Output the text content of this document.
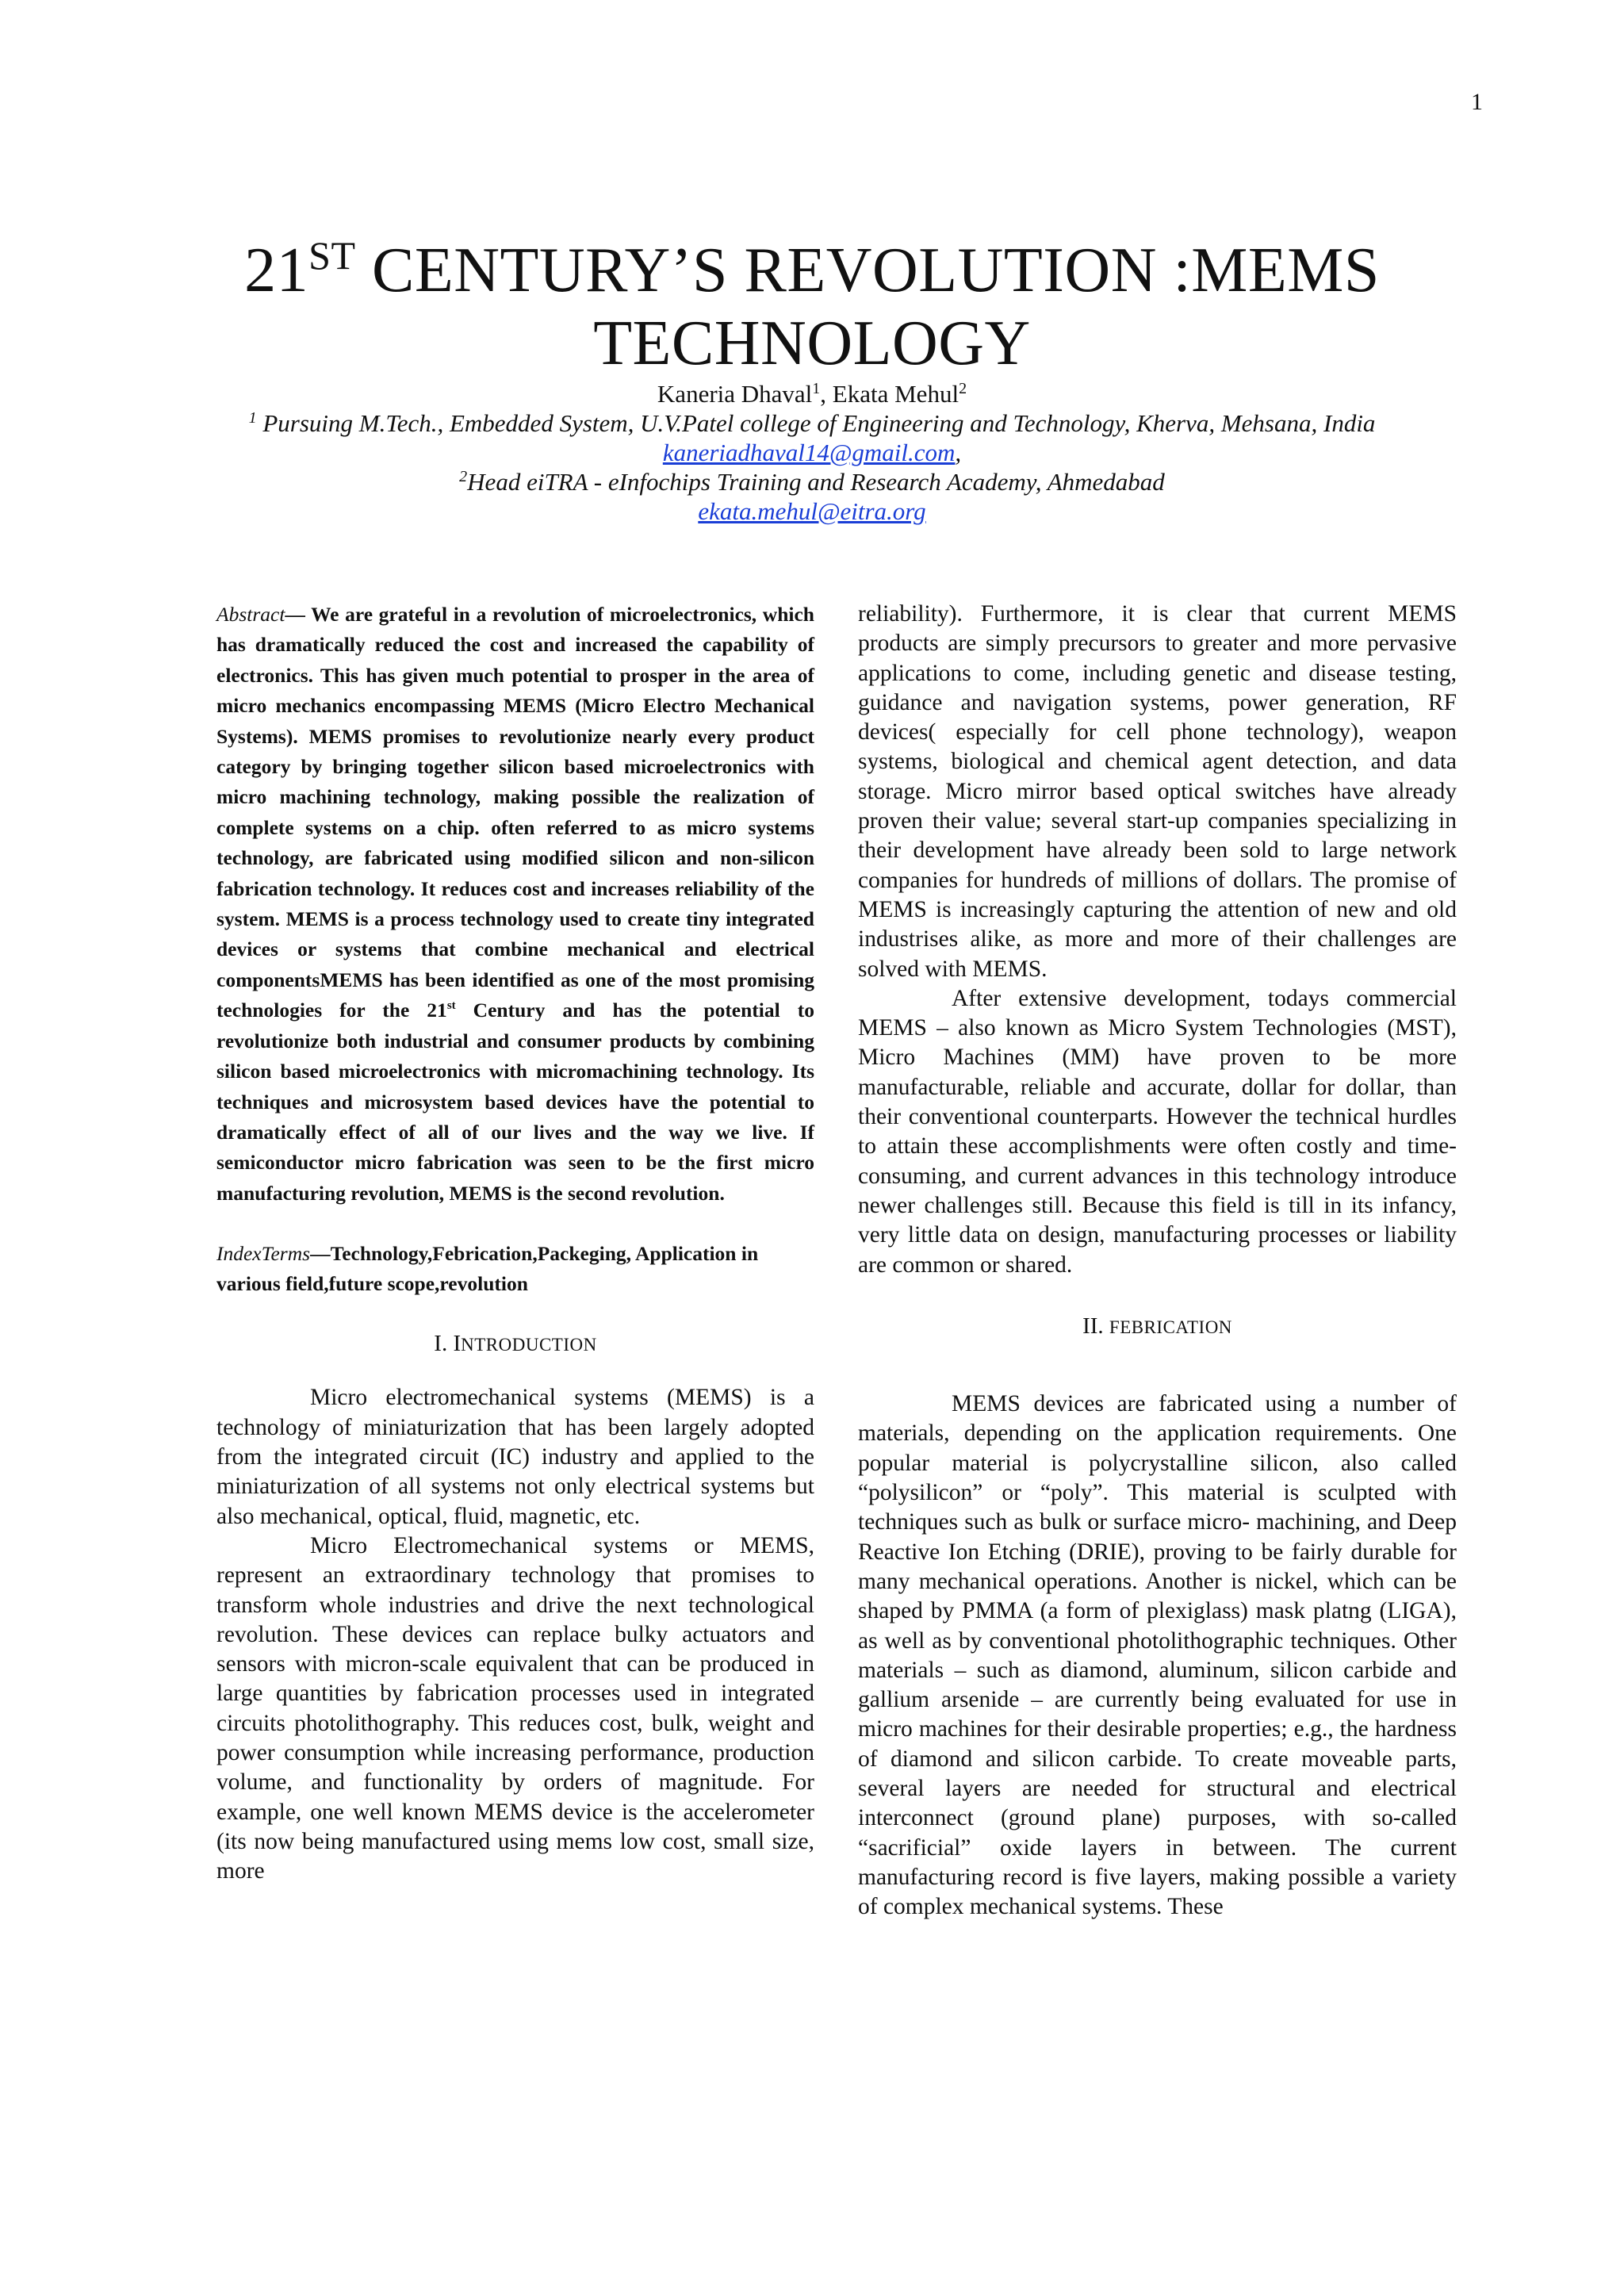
1
21ST CENTURY’S REVOLUTION :MEMS
TECHNOLOGY
Kaneria Dhaval$^1$, Ekata Mehul$^2$
$^1$ Pursuing M.Tech., Embedded System, U.V.Patel college of Engineering and Technology, Kherva, Mehsana, India
kaneriadhaval14@gmail.com,
$^2$Head eiTRA - eInfochips Training and Research Academy, Ahmedabad
ekata.mehul@eitra.org

Abstract— We are grateful in a revolution of microelectronics, which has dramatically reduced the cost and increased the capability of electronics. This has given much potential to prosper in the area of micro mechanics encompassing MEMS (Micro Electro Mechanical Systems). MEMS promises to revolutionize nearly every product category by bringing together silicon based microelectronics with micro machining technology, making possible the realization of complete systems on a chip. often referred to as micro systems technology, are fabricated using modified silicon and non-silicon fabrication technology. It reduces cost and increases reliability of the system. MEMS is a process technology used to create tiny integrated devices or systems that combine mechanical and electrical componentsMEMS has been identified as one of the most promising technologies for the 21st Century and has the potential to revolutionize both industrial and consumer products by combining silicon based microelectronics with micromachining technology. Its techniques and microsystem based devices have the potential to dramatically effect of all of our lives and the way we live. If semiconductor micro fabrication was seen to be the first micro manufacturing revolution, MEMS is the second revolution.

IndexTerms—Technology,Febrication,Packeging, Application in various field,future scope,revolution

I. INTRODUCTION

Micro electromechanical systems (MEMS) is a technology of miniaturization that has been largely adopted from the integrated circuit (IC) industry and applied to the miniaturization of all systems not only electrical systems but also mechanical, optical, fluid, magnetic, etc.

Micro Electromechanical systems or MEMS, represent an extraordinary technology that promises to transform whole industries and drive the next technological revolution. These devices can replace bulky actuators and sensors with micron-scale equivalent that can be produced in large quantities by fabrication processes used in integrated circuits photolithography. This reduces cost, bulk, weight and power consumption while increasing performance, production volume, and functionality by orders of magnitude. For example, one well known MEMS device is the accelerometer (its now being manufactured using mems low cost, small size, more

reliability). Furthermore, it is clear that current MEMS products are simply precursors to greater and more pervasive applications to come, including genetic and disease testing, guidance and navigation systems, power generation, RF devices( especially for cell phone technology), weapon systems, biological and chemical agent detection, and data storage. Micro mirror based optical switches have already proven their value; several start-up companies specializing in their development have already been sold to large network companies for hundreds of millions of dollars. The promise of MEMS is increasingly capturing the attention of new and old industrises alike, as more and more of their challenges are solved with MEMS.

After extensive development, todays commercial MEMS – also known as Micro System Technologies (MST), Micro Machines (MM) have proven to be more manufacturable, reliable and accurate, dollar for dollar, than their conventional counterparts. However the technical hurdles to attain these accomplishments were often costly and time- consuming, and current advances in this technology introduce newer challenges still. Because this field is till in its infancy, very little data on design, manufacturing processes or liability are common or shared.

II. FEBRICATION

MEMS devices are fabricated using a number of materials, depending on the application requirements. One popular material is polycrystalline silicon, also called “polysilicon” or “poly”. This material is sculpted with techniques such as bulk or surface micro- machining, and Deep Reactive Ion Etching (DRIE), proving to be fairly durable for many mechanical operations. Another is nickel, which can be shaped by PMMA (a form of plexiglass) mask platng (LIGA), as well as by conventional photolithographic techniques. Other materials – such as diamond, aluminum, silicon carbide and gallium arsenide – are currently being evaluated for use in micro machines for their desirable properties; e.g., the hardness of diamond and silicon carbide. To create moveable parts, several layers are needed for structural and electrical interconnect (ground plane) purposes, with so-called “sacrificial” oxide layers in between. The current manufacturing record is five layers, making possible a variety of complex mechanical systems. These
